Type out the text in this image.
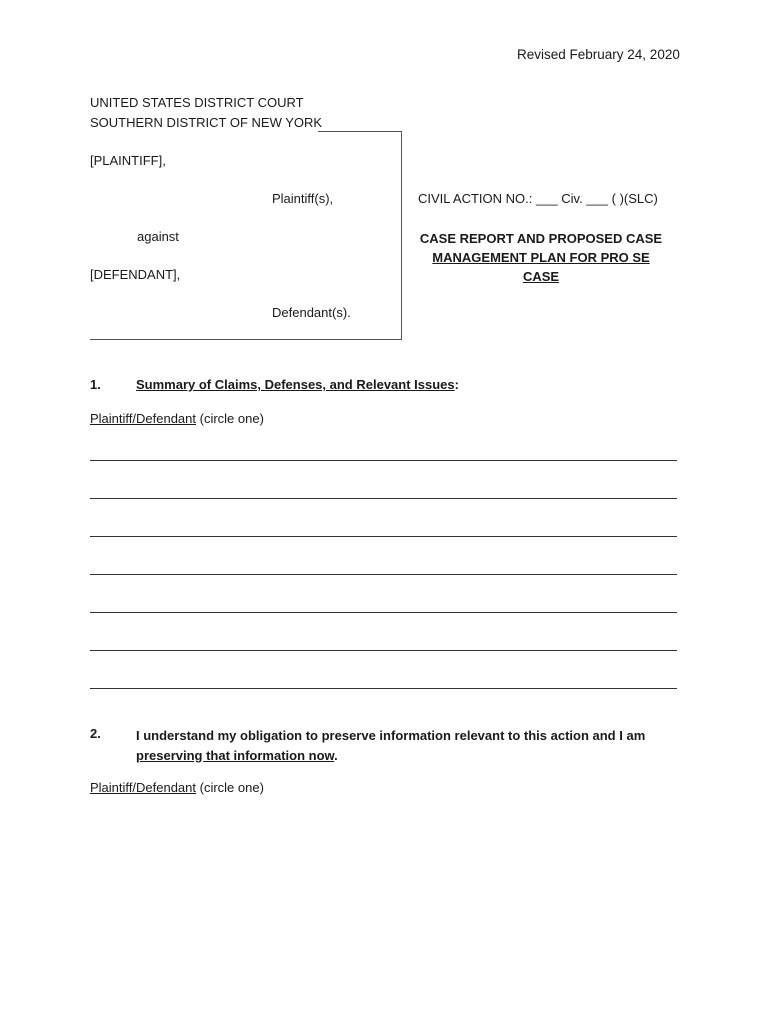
Revised February 24, 2020
UNITED STATES DISTRICT COURT
SOUTHERN DISTRICT OF NEW YORK
[PLAINTIFF],
Plaintiff(s),
against
[DEFENDANT],
Defendant(s).
CIVIL ACTION NO.: ___ Civ. ___ ( )(SLC)
CASE REPORT AND PROPOSED CASE
MANAGEMENT PLAN FOR PRO SE CASE
1.	Summary of Claims, Defenses, and Relevant Issues:
Plaintiff/Defendant (circle one)
2.	I understand my obligation to preserve information relevant to this action and I am preserving that information now.
Plaintiff/Defendant (circle one)
